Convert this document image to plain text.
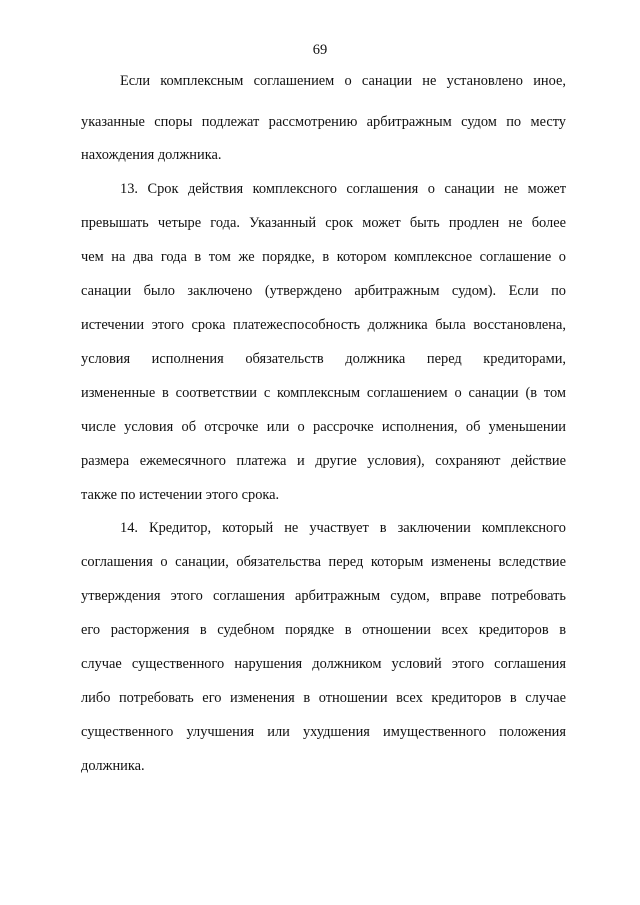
69
Если комплексным соглашением о санации не установлено иное,
указанные споры подлежат рассмотрению арбитражным судом по месту
нахождения должника.
13. Срок действия комплексного соглашения о санации не может
превышать четыре года. Указанный срок может быть продлен не более
чем на два года в том же порядке, в котором комплексное соглашение о
санации было заключено (утверждено арбитражным судом). Если по
истечении этого срока платежеспособность должника была восстановлена,
условия исполнения обязательств должника перед кредиторами,
измененные в соответствии с комплексным соглашением о санации (в том
числе условия об отсрочке или о рассрочке исполнения, об уменьшении
размера ежемесячного платежа и другие условия), сохраняют действие
также по истечении этого срока.
14. Кредитор, который не участвует в заключении комплексного
соглашения о санации, обязательства перед которым изменены вследствие
утверждения этого соглашения арбитражным судом, вправе потребовать
его расторжения в судебном порядке в отношении всех кредиторов в
случае существенного нарушения должником условий этого соглашения
либо потребовать его изменения в отношении всех кредиторов в случае
существенного улучшения или ухудшения имущественного положения
должника.
